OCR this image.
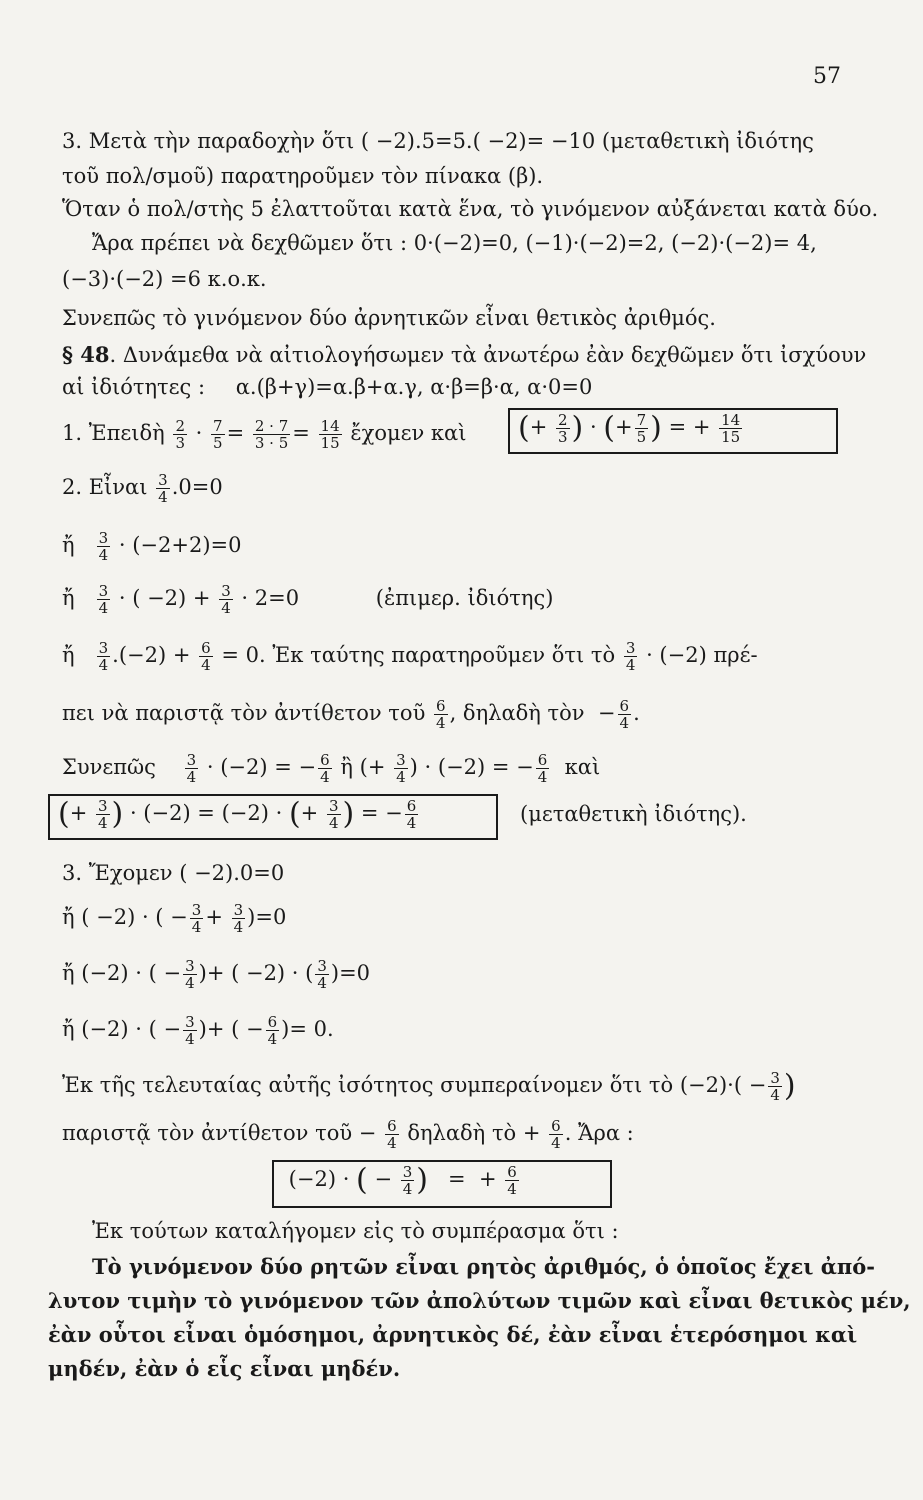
57
3. Μετὰ τὴν παραδοχὴν ὅτι ( −2).5=5.( −2)= −10 (μεταθετικὴ ἰδιότης
τοῦ πολ/σμοῦ) παρατηροῦμεν τὸν πίνακα (β).
Ὅταν ὁ πολ/στὴς 5 ἐλαττοῦται κατὰ ἕνα, τὸ γινόμενον αὐξάνεται κατὰ δύο.
Ἄρα πρέπει νὰ δεχθῶμεν ὅτι : 0·(−2)=0, (−1)·(−2)=2, (−2)·(−2)= 4,
(−3)·(−2) =6 κ.ο.κ.
Συνεπῶς τὸ γινόμενον δύο ἀρνητικῶν εἶναι θετικὸς ἀριθμός.
§ 48. Δυνάμεθα νὰ αἰτιολογήσωμεν τὰ ἀνωτέρω ἐὰν δεχθῶμεν ὅτι ἰσχύουν
αἱ ἰδιότητες : α.(β+γ)=α.β+α.γ, α·β=β·α, α·0=0
1. Ἐπειδὴ $\frac{2}{3} \cdot \frac{7}{5} = \frac{2 \cdot 7}{3 \cdot 5} = \frac{14}{15}$ ἔχομεν καὶ	(+ $\frac{2}{3}$ ) · (+ $\frac{7}{5}$ ) = + $\frac{14}{15}$
2. Εἶναι $\frac{3}{4} .0=0$
ἤ $\frac{3}{4} \cdot (-2+2)=0$
ἤ $\frac{3}{4}$ · ( $-2) + \frac{3}{4} \cdot 2=0$	(ἐπιμερ. ἰδιότης)
ἤ $\frac{3}{4} .(-2) + \frac{6}{4} = 0$. Ἐκ ταύτης παρατηροῦμεν ὅτι τὸ $\frac{3}{4} \cdot (-2)$ πρέ-
πει νὰ παριστᾷ τὸν ἀντίθετον τοῦ $\frac{6}{4}$ , δηλαδὴ τὸν  − $\frac{6}{4}$ .
Συνεπῶς $\frac{3}{4} \cdot (-2)$ = − $\frac{6}{4}$ ἢ (+ $\frac{3}{4}$ ) · (−2) = − $\frac{6}{4}$ καὶ
(+ $\frac{3}{4}$ ) · (−2) = (−2) · (+ $\frac{3}{4}$ ) = − $\frac{6}{4}$	(μεταθετικὴ ἰδιότης).
3. Ἔχομεν ( −2).0=0
ἤ ( −2) · ( − $\frac{3}{4} + \frac{3}{4} )=0$
ἤ (−2) · ( − $\frac{3}{4}$ )+ ( −2) · ( $\frac{3}{4} )=0$
ἤ (−2) · ( − $\frac{3}{4}$ )+ ( − $\frac{6}{4}$ )= 0.
Ἐκ τῆς τελευταίας αὐτῆς ἰσότητος συμπεραίνομεν ὅτι τὸ $(-2)\cdot( - \frac{3}{4}$ )
παριστᾷ τὸν ἀντίθετον τοῦ − $\frac{6}{4}$ δηλαδὴ τὸ + $\frac{6}{4}$ . Ἄρα :
(−2) · ( − $\frac{3}{4}$ )   =  + $\frac{6}{4}$
Ἐκ τούτων καταλήγομεν εἰς τὸ συμπέρασμα ὅτι :
Τὸ γινόμενον δύο ρητῶν εἶναι ρητὸς ἀριθμός, ὁ ὁποῖος ἔχει ἀπό-
λυτον τιμὴν τὸ γινόμενον τῶν ἀπολύτων τιμῶν καὶ εἶναι θετικὸς μέν,
ἐὰν οὗτοι εἶναι ὁμόσημοι, ἀρνητικὸς δέ, ἐὰν εἶναι ἑτερόσημοι καὶ
μηδέν, ἐὰν ὁ εἷς εἶναι μηδέν.
